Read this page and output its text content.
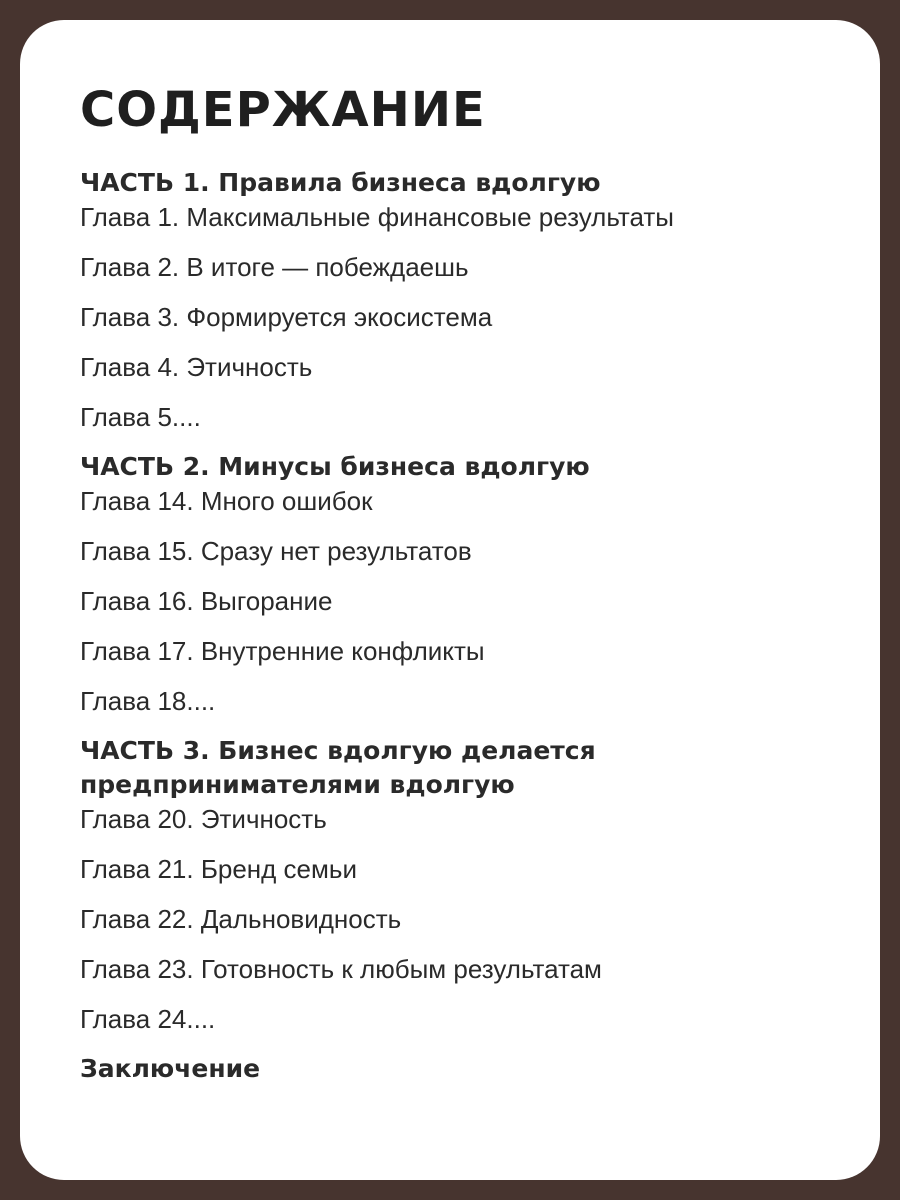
СОДЕРЖАНИЕ
ЧАСТЬ 1. Правила бизнеса вдолгую
Глава 1. Максимальные финансовые результаты
Глава 2. В итоге — побеждаешь
Глава 3. Формируется экосистема
Глава 4. Этичность
Глава 5....
ЧАСТЬ 2. Минусы бизнеса вдолгую
Глава 14. Много ошибок
Глава 15. Сразу нет результатов
Глава 16. Выгорание
Глава 17. Внутренние конфликты
Глава 18....
ЧАСТЬ 3. Бизнес вдолгую делается предпринимателями вдолгую
Глава 20. Этичность
Глава 21. Бренд семьи
Глава 22. Дальновидность
Глава 23. Готовность к любым результатам
Глава 24....
Заключение
